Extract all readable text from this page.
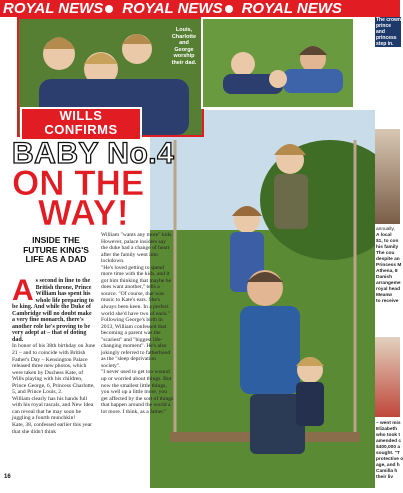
ROYAL NEWS ROYAL NEWS ROYAL NEWS
Louis, Charlotte and George worship their dad.
WILLS
CONFIRMS
BABY No.4
ON THE
WAY!
INSIDE THE FUTURE KING'S LIFE AS A DAD

A s second in line to the British throne, Prince William has spent his whole life preparing to be king. And while the Duke of Cambridge will no doubt make a very fine monarch, there's another role he's proving to be very adept at – that of doting dad.

In honor of his 38th birthday on June 21 – and to coincide with British Father's Day – Kensington Palace released three new photos, which were taken by Duchess Kate, of Wills playing with his children, Prince George, 6, Princess Charlotte, 5, and Prince Louis, 2.

William clearly has his hands full with his royal rascals, and New Idea can reveal that he may soon be juggling a fourth munchkin!

Kate, 38, confessed earlier this year that she didn't think

William "wants any more" kids. However, palace insiders say the duke had a change of heart after the family went into lockdown.

"He's loved getting to spend more time with the kids, and it got him thinking that maybe he does want another," tells a source. "Of course, that was music to Kate's ears. She's always been keen. In a perfect world she'd have two of each."

Following George's birth in 2013, William confessed that becoming a parent was the "scariest" and "biggest life-changing moment". He's also jokingly referred to fatherhood as the "sleep deprivation society".

"I never used to get too wound up or worried about things. But now the smallest little things, you well up a little more, you get affected by the sort of things that happen around the world a lot more. I think, as a father."

16
The crown
prince and
princess
step in.
annually,
A local
$1, to con
his family
The cou
despite an
Princess M
Athena, 8
Danish
arrangeme
royal head
Meanw
to receive
– went mis
Elizabeth
who took t
amended c
$400,000 a
sought. "T
protective o
age, and h
Camilla h
their liv
